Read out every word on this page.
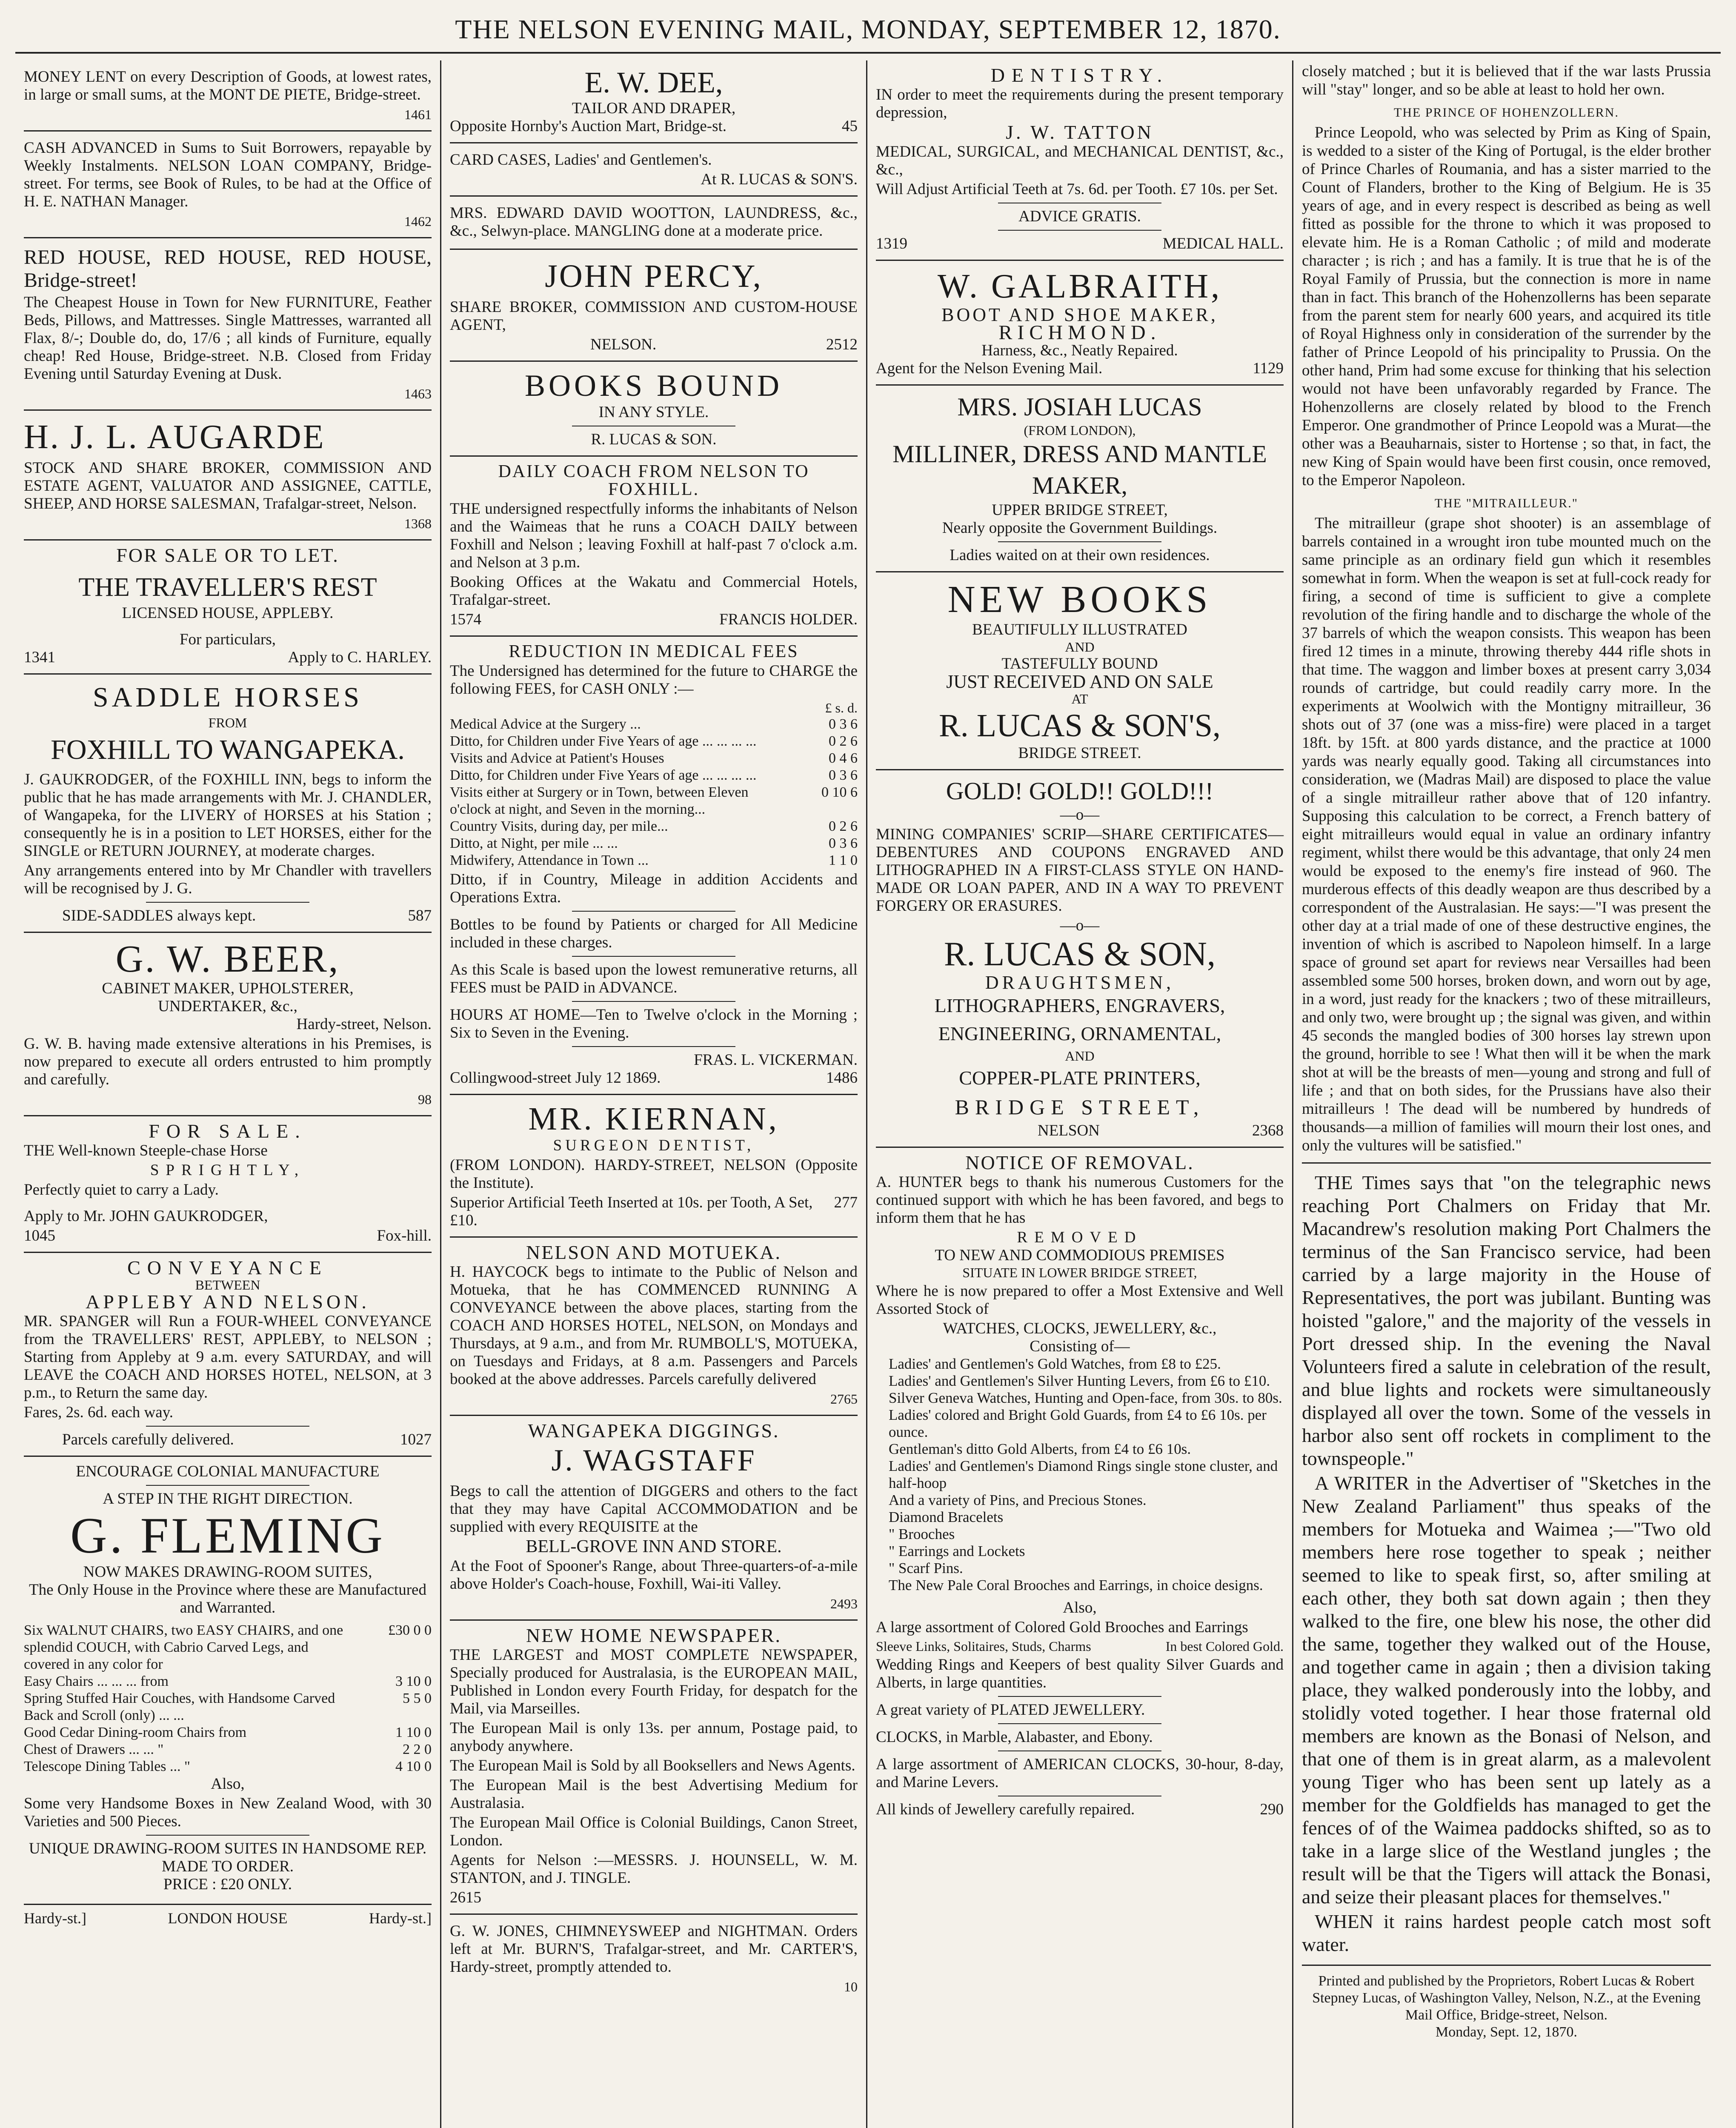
THE NELSON EVENING MAIL, MONDAY, SEPTEMBER 12, 1870.

MONEY LENT on every Description of Goods, at lowest rates, in large or small sums, at the MONT DE PIETE, Bridge-street.

1461

CASH ADVANCED in Sums to Suit Borrowers, repayable by Weekly Instalments. NELSON LOAN COMPANY, Bridge-street. For terms, see Book of Rules, to be had at the Office of H. E. NATHAN Manager.

1462

RED HOUSE, RED HOUSE, RED HOUSE, Bridge-street!

The Cheapest House in Town for New FURNITURE, Feather Beds, Pillows, and Mattresses. Single Mattresses, warranted all Flax, 8/-; Double do, do, 17/6 ; all kinds of Furniture, equally cheap! Red House, Bridge-street. N.B. Closed from Friday Evening until Saturday Evening at Dusk.

1463
H. J. L. AUGARDE

STOCK AND SHARE BROKER, COMMISSION AND ESTATE AGENT, VALUATOR AND ASSIGNEE, CATTLE, SHEEP, AND HORSE SALESMAN, Trafalgar-street, Nelson.

1368
FOR SALE OR TO LET.
THE TRAVELLER'S REST
LICENSED HOUSE, APPLEBY.
For particulars,
1341	Apply to C. HARLEY.
SADDLE HORSES
FROM
FOXHILL TO WANGAPEKA.

J. GAUKRODGER, of the FOXHILL INN, begs to inform the public that he has made arrangements with Mr. J. CHANDLER, of Wangapeka, for the LIVERY of HORSES at his Station ; consequently he is in a position to LET HORSES, either for the SINGLE or RETURN JOURNEY, at moderate charges.

Any arrangements entered into by Mr Chandler with travellers will be recognised by J. G.

SIDE-SADDLES always kept.	587
G. W. BEER,
CABINET MAKER, UPHOLSTERER,
UNDERTAKER, &c.,
Hardy-street, Nelson.

G. W. B. having made extensive alterations in his Premises, is now prepared to execute all orders entrusted to him promptly and carefully.

98
FOR SALE.

THE Well-known Steeple-chase Horse

SPRIGHTLY,

Perfectly quiet to carry a Lady.

Apply to Mr. JOHN GAUKRODGER,

1045	Fox-hill.
CONVEYANCE
BETWEEN
APPLEBY AND NELSON.

MR. SPANGER will Run a FOUR-WHEEL CONVEYANCE from the TRAVELLERS' REST, APPLEBY, to NELSON ; Starting from Appleby at 9 a.m. every SATURDAY, and will LEAVE the COACH AND HORSES HOTEL, NELSON, at 3 p.m., to Return the same day.

Fares, 2s. 6d. each way.

Parcels carefully delivered.	1027
ENCOURAGE COLONIAL MANUFACTURE
A STEP IN THE RIGHT DIRECTION.
G. FLEMING
NOW MAKES DRAWING-ROOM SUITES,
The Only House in the Province where these are Manufactured and Warranted.
Six WALNUT CHAIRS, two EASY CHAIRS, and one splendid COUCH, with Cabrio Carved Legs, and covered in any color for
£30 0 0
Easy Chairs ... ... ... from	3 10 0
Spring Stuffed Hair Couches, with Handsome Carved Back and Scroll (only) ... ...
5 5 0
Good Cedar Dining-room Chairs from	1 10 0
Chest of Drawers ... ... "	2 2 0
Telescope Dining Tables ... "	4 10 0
Also,

Some very Handsome Boxes in New Zealand Wood, with 30 Varieties and 500 Pieces.

UNIQUE DRAWING-ROOM SUITES IN HANDSOME REP. MADE TO ORDER.
PRICE : £20 ONLY.
Hardy-st.]	LONDON HOUSE	Hardy-st.]
E. W. DEE,
TAILOR AND DRAPER,
Opposite Hornby's Auction Mart, Bridge-st.	45

CARD CASES, Ladies' and Gentlemen's.

At R. LUCAS & SON'S.

MRS. EDWARD DAVID WOOTTON, LAUNDRESS, &c., &c., Selwyn-place. MANGLING done at a moderate price.

JOHN PERCY,

SHARE BROKER, COMMISSION AND CUSTOM-HOUSE AGENT,

NELSON.	2512
BOOKS BOUND
IN ANY STYLE.
R. LUCAS & SON.
DAILY COACH FROM NELSON TO FOXHILL.

THE undersigned respectfully informs the inhabitants of Nelson and the Waimeas that he runs a COACH DAILY between Foxhill and Nelson ; leaving Foxhill at half-past 7 o'clock a.m. and Nelson at 3 p.m.

Booking Offices at the Wakatu and Commercial Hotels, Trafalgar-street.

1574	FRANCIS HOLDER.
REDUCTION IN MEDICAL FEES

The Undersigned has determined for the future to CHARGE the following FEES, for CASH ONLY :—

£ s. d.
Medical Advice at the Surgery ...	0 3 6
Ditto, for Children under Five Years of age ... ... ... ...	0 2 6
Visits and Advice at Patient's Houses	0 4 6
Ditto, for Children under Five Years of age ... ... ... ...	0 3 6
Visits either at Surgery or in Town, between Eleven o'clock at night, and Seven in the morning...
0 10 6
Country Visits, during day, per mile...	0 2 6
Ditto, at Night, per mile ... ...	0 3 6
Midwifery, Attendance in Town ...	1 1 0

Ditto, if in Country, Mileage in addition Accidents and Operations Extra.

Bottles to be found by Patients or charged for All Medicine included in these charges.

As this Scale is based upon the lowest remunerative returns, all FEES must be PAID in ADVANCE.

HOURS AT HOME—Ten to Twelve o'clock in the Morning ; Six to Seven in the Evening.

FRAS. L. VICKERMAN.
Collingwood-street July 12 1869.	1486
MR. KIERNAN,
SURGEON DENTIST,

(FROM LONDON). HARDY-STREET, NELSON (Opposite the Institute).

Superior Artificial Teeth Inserted at 10s. per Tooth, A Set, £10.
277
NELSON AND MOTUEKA.

H. HAYCOCK begs to intimate to the Public of Nelson and Motueka, that he has COMMENCED RUNNING A CONVEYANCE between the above places, starting from the COACH AND HORSES HOTEL, NELSON, on Mondays and Thursdays, at 9 a.m., and from Mr. RUMBOLL'S, MOTUEKA, on Tuesdays and Fridays, at 8 a.m. Passengers and Parcels booked at the above addresses. Parcels carefully delivered

2765
WANGAPEKA DIGGINGS.
J. WAGSTAFF

Begs to call the attention of DIGGERS and others to the fact that they may have Capital ACCOMMODATION and be supplied with every REQUISITE at the

BELL-GROVE INN AND STORE.

At the Foot of Spooner's Range, about Three-quarters-of-a-mile above Holder's Coach-house, Foxhill, Wai-iti Valley.

2493
NEW HOME NEWSPAPER.

THE LARGEST and MOST COMPLETE NEWSPAPER, Specially produced for Australasia, is the EUROPEAN MAIL, Published in London every Fourth Friday, for despatch for the Mail, via Marseilles.

The European Mail is only 13s. per annum, Postage paid, to anybody anywhere.

The European Mail is Sold by all Booksellers and News Agents.

The European Mail is the best Advertising Medium for Australasia.

The European Mail Office is Colonial Buildings, Canon Street, London.

Agents for Nelson :—MESSRS. J. HOUNSELL, W. M. STANTON, and J. TINGLE.

2615

G. W. JONES, CHIMNEYSWEEP and NIGHTMAN. Orders left at Mr. BURN'S, Trafalgar-street, and Mr. CARTER'S, Hardy-street, promptly attended to.

10
DENTISTRY.

IN order to meet the requirements during the present temporary depression,

J. W. TATTON

MEDICAL, SURGICAL, and MECHANICAL DENTIST, &c., &c.,

Will Adjust Artificial Teeth at 7s. 6d. per Tooth. £7 10s. per Set.

ADVICE GRATIS.
1319	MEDICAL HALL.
W. GALBRAITH,
BOOT AND SHOE MAKER,
RICHMOND.
Harness, &c., Neatly Repaired.
Agent for the Nelson Evening Mail.	1129
MRS. JOSIAH LUCAS
(FROM LONDON),
MILLINER, DRESS AND MANTLE MAKER,
UPPER BRIDGE STREET,
Nearly opposite the Government Buildings.
Ladies waited on at their own residences.
NEW BOOKS
BEAUTIFULLY ILLUSTRATED
AND
TASTEFULLY BOUND
JUST RECEIVED AND ON SALE
AT
R. LUCAS & SON'S,
BRIDGE STREET.
GOLD! GOLD!! GOLD!!!
—o—

MINING COMPANIES' SCRIP—SHARE CERTIFICATES—DEBENTURES AND COUPONS ENGRAVED AND LITHOGRAPHED IN A FIRST-CLASS STYLE ON HAND-MADE OR LOAN PAPER, AND IN A WAY TO PREVENT FORGERY OR ERASURES.

—o—
R. LUCAS & SON,
DRAUGHTSMEN,
LITHOGRAPHERS, ENGRAVERS,
ENGINEERING, ORNAMENTAL,
AND
COPPER-PLATE PRINTERS,
BRIDGE STREET,
NELSON	2368
NOTICE OF REMOVAL.

A. HUNTER begs to thank his numerous Customers for the continued support with which he has been favored, and begs to inform them that he has

REMOVED
TO NEW AND COMMODIOUS PREMISES
SITUATE IN LOWER BRIDGE STREET,

Where he is now prepared to offer a Most Extensive and Well Assorted Stock of

WATCHES, CLOCKS, JEWELLERY, &c.,
Consisting of—
Ladies' and Gentlemen's Gold Watches, from £8 to £25.
Ladies' and Gentlemen's Silver Hunting Levers, from £6 to £10.
Silver Geneva Watches, Hunting and Open-face, from 30s. to 80s.
Ladies' colored and Bright Gold Guards, from £4 to £6 10s. per ounce.
Gentleman's ditto Gold Alberts, from £4 to £6 10s.
Ladies' and Gentlemen's Diamond Rings single stone cluster, and half-hoop
And a variety of Pins, and Precious Stones.
Diamond Bracelets
" Brooches
" Earrings and Lockets
" Scarf Pins.
The New Pale Coral Brooches and Earrings, in choice designs.
Also,

A large assortment of Colored Gold Brooches and Earrings

Sleeve Links, Solitaires, Studs, Charms	In best Colored Gold.

Wedding Rings and Keepers of best quality Silver Guards and Alberts, in large quantities.

A great variety of PLATED JEWELLERY.

CLOCKS, in Marble, Alabaster, and Ebony.

A large assortment of AMERICAN CLOCKS, 30-hour, 8-day, and Marine Levers.

All kinds of Jewellery carefully repaired.	290

closely matched ; but it is believed that if the war lasts Prussia will "stay" longer, and so be able at least to hold her own.

THE PRINCE OF HOHENZOLLERN.

Prince Leopold, who was selected by Prim as King of Spain, is wedded to a sister of the King of Portugal, is the elder brother of Prince Charles of Roumania, and has a sister married to the Count of Flanders, brother to the King of Belgium. He is 35 years of age, and in every respect is described as being as well fitted as possible for the throne to which it was proposed to elevate him. He is a Roman Catholic ; of mild and moderate character ; is rich ; and has a family. It is true that he is of the Royal Family of Prussia, but the connection is more in name than in fact. This branch of the Hohenzollerns has been separate from the parent stem for nearly 600 years, and acquired its title of Royal Highness only in consideration of the surrender by the father of Prince Leopold of his principality to Prussia. On the other hand, Prim had some excuse for thinking that his selection would not have been unfavorably regarded by France. The Hohenzollerns are closely related by blood to the French Emperor. One grandmother of Prince Leopold was a Murat—the other was a Beauharnais, sister to Hortense ; so that, in fact, the new King of Spain would have been first cousin, once removed, to the Emperor Napoleon.

THE "MITRAILLEUR."

The mitrailleur (grape shot shooter) is an assemblage of barrels contained in a wrought iron tube mounted much on the same principle as an ordinary field gun which it resembles somewhat in form. When the weapon is set at full-cock ready for firing, a second of time is sufficient to give a complete revolution of the firing handle and to discharge the whole of the 37 barrels of which the weapon consists. This weapon has been fired 12 times in a minute, throwing thereby 444 rifle shots in that time. The waggon and limber boxes at present carry 3,034 rounds of cartridge, but could readily carry more. In the experiments at Woolwich with the Montigny mitrailleur, 36 shots out of 37 (one was a miss-fire) were placed in a target 18ft. by 15ft. at 800 yards distance, and the practice at 1000 yards was nearly equally good. Taking all circumstances into consideration, we (Madras Mail) are disposed to place the value of a single mitrailleur rather above that of 120 infantry. Supposing this calculation to be correct, a French battery of eight mitrailleurs would equal in value an ordinary infantry regiment, whilst there would be this advantage, that only 24 men would be exposed to the enemy's fire instead of 960. The murderous effects of this deadly weapon are thus described by a correspondent of the Australasian. He says:—"I was present the other day at a trial made of one of these destructive engines, the invention of which is ascribed to Napoleon himself. In a large space of ground set apart for reviews near Versailles had been assembled some 500 horses, broken down, and worn out by age, in a word, just ready for the knackers ; two of these mitrailleurs, and only two, were brought up ; the signal was given, and within 45 seconds the mangled bodies of 300 horses lay strewn upon the ground, horrible to see ! What then will it be when the mark shot at will be the breasts of men—young and strong and full of life ; and that on both sides, for the Prussians have also their mitrailleurs ! The dead will be numbered by hundreds of thousands—a million of families will mourn their lost ones, and only the vultures will be satisfied."

THE Times says that "on the telegraphic news reaching Port Chalmers on Friday that Mr. Macandrew's resolution making Port Chalmers the terminus of the San Francisco service, had been carried by a large majority in the House of Representatives, the port was jubilant. Bunting was hoisted "galore," and the majority of the vessels in Port dressed ship. In the evening the Naval Volunteers fired a salute in celebration of the result, and blue lights and rockets were simultaneously displayed all over the town. Some of the vessels in harbor also sent off rockets in compliment to the townspeople."

A WRITER in the Advertiser of "Sketches in the New Zealand Parliament" thus speaks of the members for Motueka and Waimea ;—"Two old members here rose together to speak ; neither seemed to like to speak first, so, after smiling at each other, they both sat down again ; then they walked to the fire, one blew his nose, the other did the same, together they walked out of the House, and together came in again ; then a division taking place, they walked ponderously into the lobby, and stolidly voted together. I hear those fraternal old members are known as the Bonasi of Nelson, and that one of them is in great alarm, as a malevolent young Tiger who has been sent up lately as a member for the Goldfields has managed to get the fences of of the Waimea paddocks shifted, so as to take in a large slice of the Westland jungles ; the result will be that the Tigers will attack the Bonasi, and seize their pleasant places for themselves."

WHEN it rains hardest people catch most soft water.

Printed and published by the Proprietors, Robert Lucas & Robert Stepney Lucas, of Washington Valley, Nelson, N.Z., at the Evening Mail Office, Bridge-street, Nelson.
Monday, Sept. 12, 1870.
